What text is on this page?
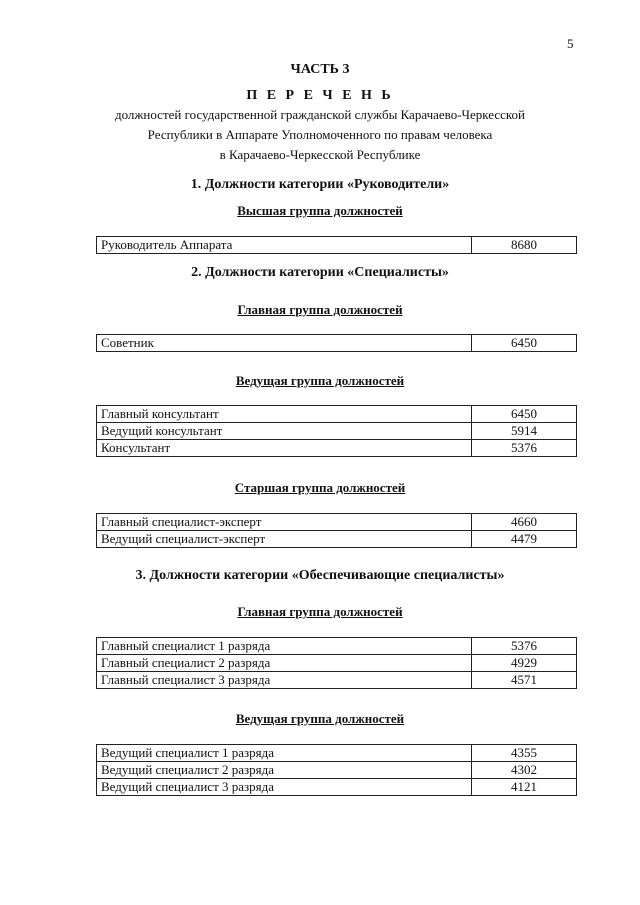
5
ЧАСТЬ 3
П Е Р Е Ч Е Н Ь
должностей государственной гражданской службы Карачаево-Черкесской
Республики в Аппарате Уполномоченного по правам человека
в Карачаево-Черкесской Республике
1. Должности категории «Руководители»
Высшая группа должностей
Руководитель Аппарата	8680
2. Должности категории «Специалисты»
Главная группа должностей
Советник	6450
Ведущая группа должностей
Главный консультант	6450
Ведущий консультант	5914
Консультант	5376
Старшая группа должностей
Главный специалист-эксперт	4660
Ведущий специалист-эксперт	4479
3. Должности категории «Обеспечивающие специалисты»
Главная группа должностей
Главный специалист 1 разряда	5376
Главный специалист 2 разряда	4929
Главный специалист 3 разряда	4571
Ведущая группа должностей
Ведущий специалист 1 разряда	4355
Ведущий специалист 2 разряда	4302
Ведущий специалист 3 разряда	4121
